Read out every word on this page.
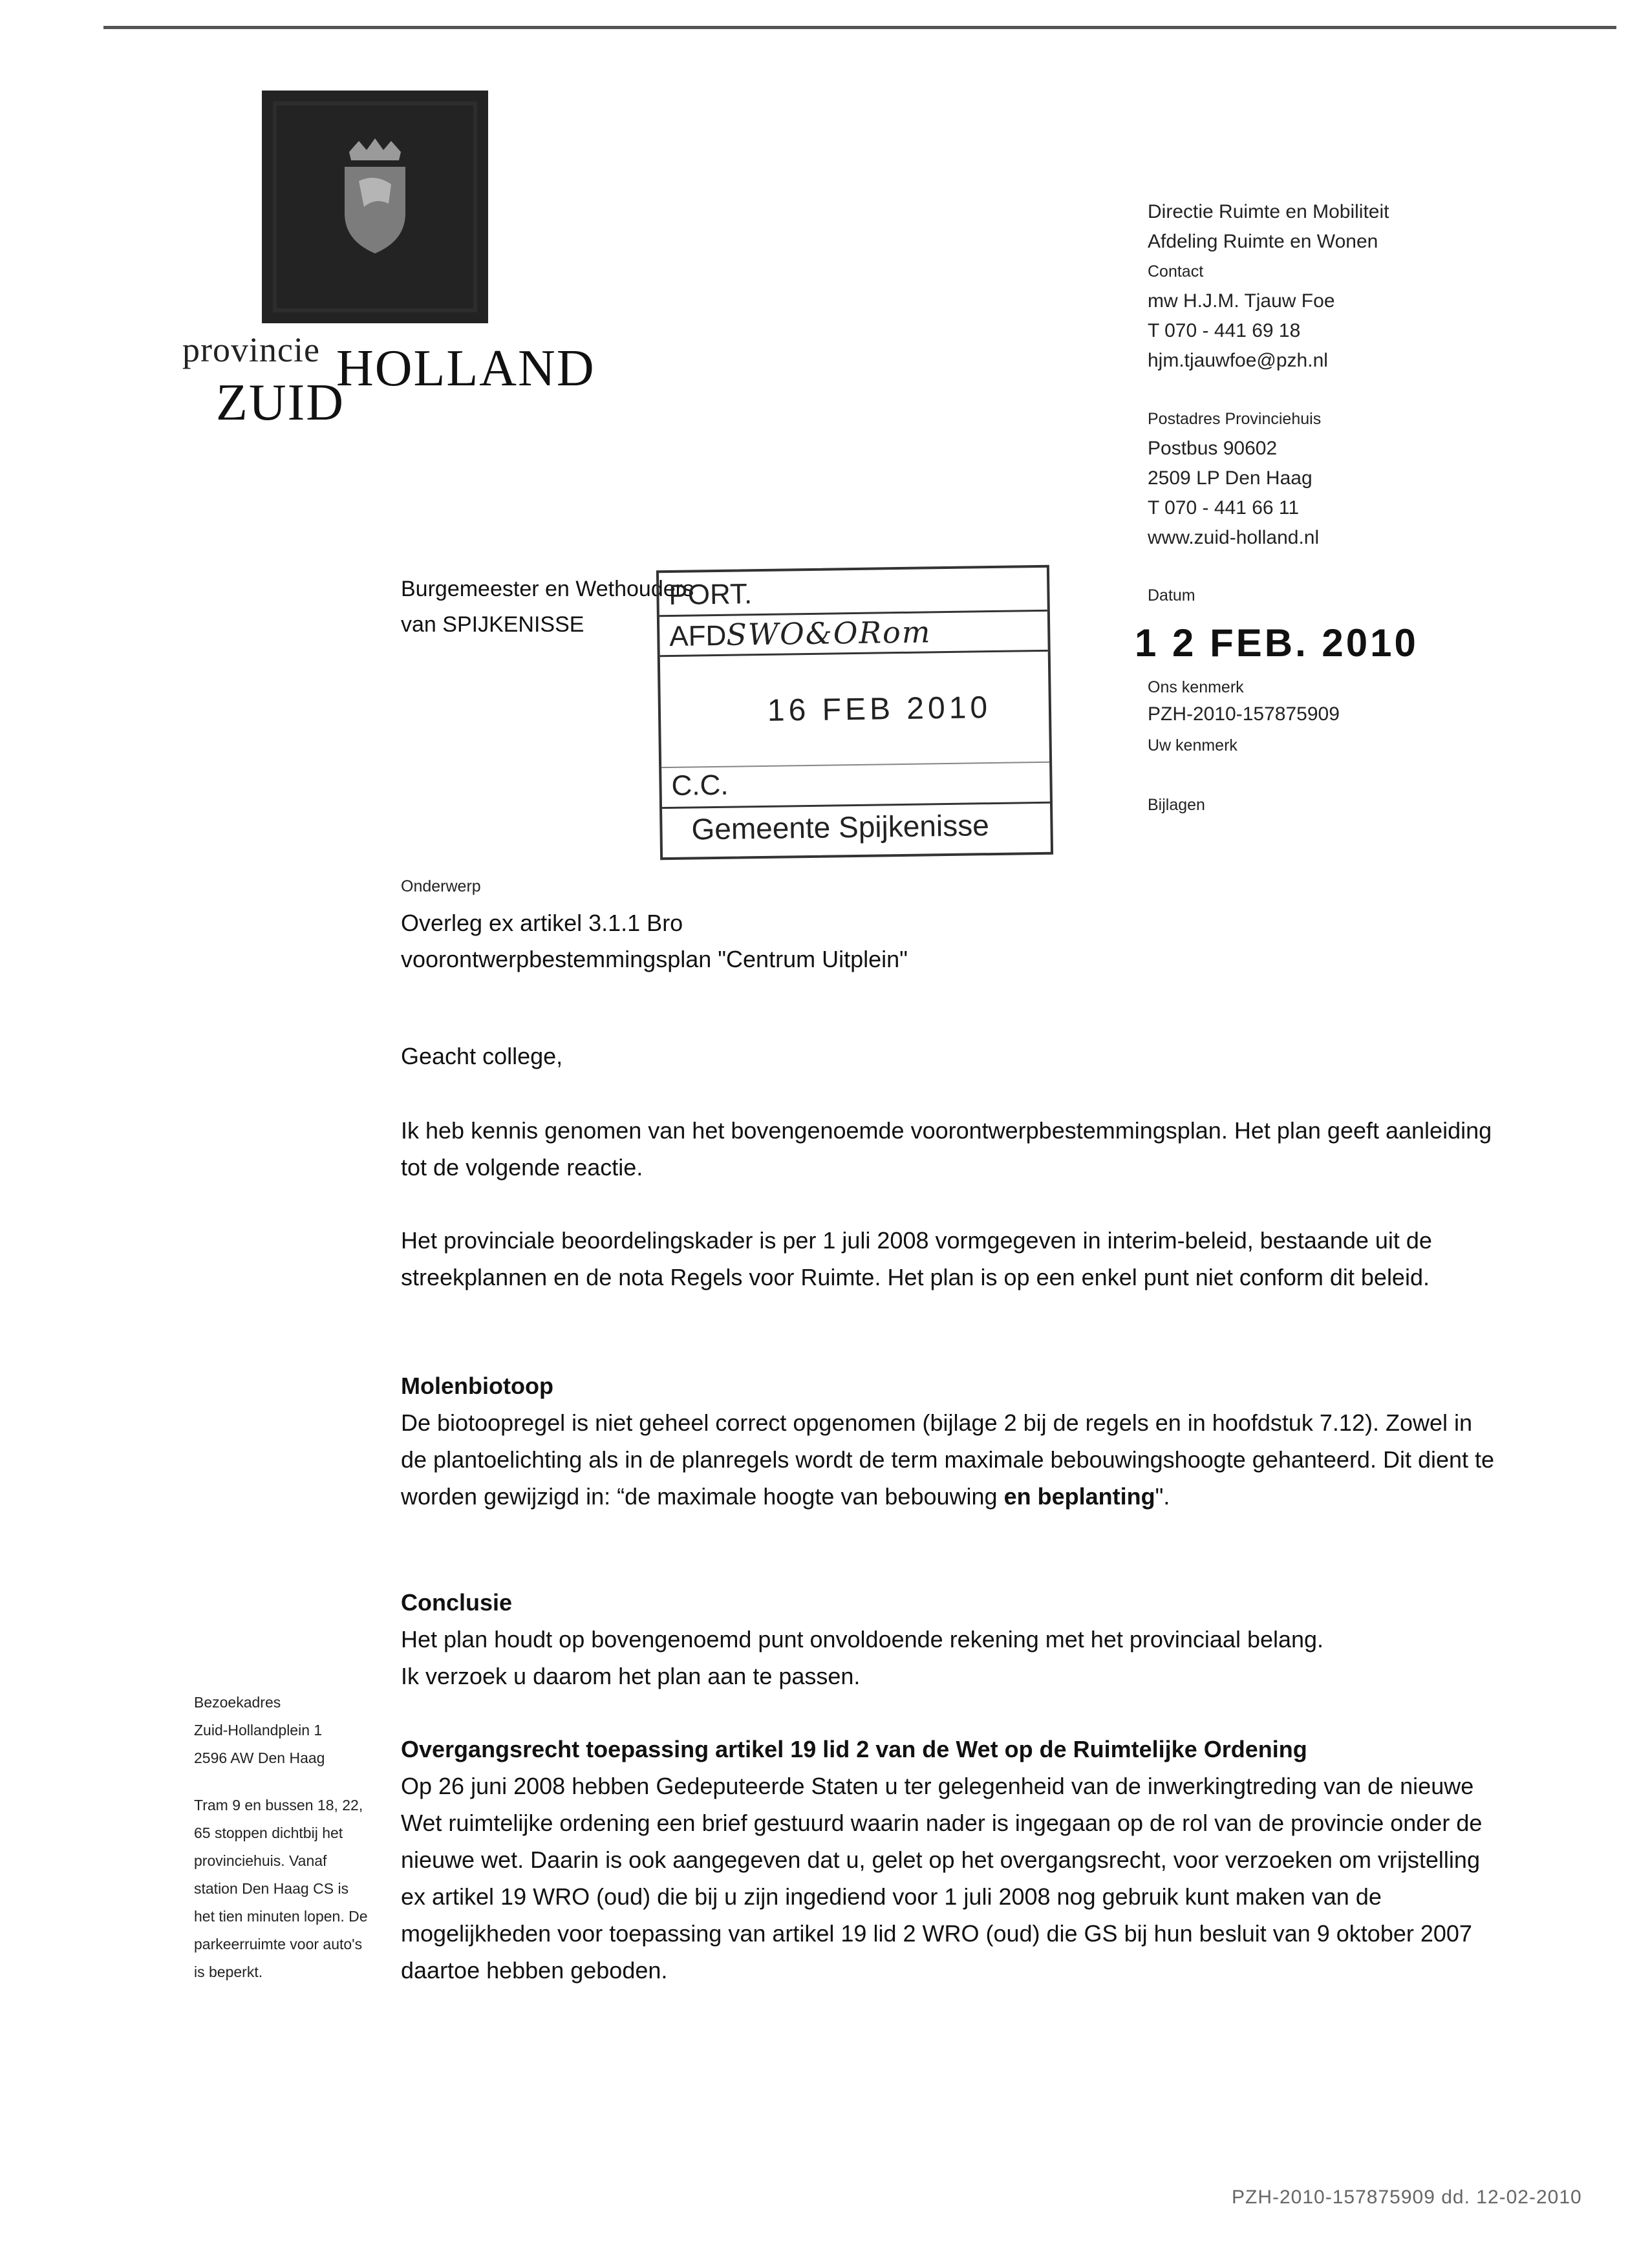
provincie HOLLAND
ZUID
Directie Ruimte en Mobiliteit
Afdeling Ruimte en Wonen
Contact
mw H.J.M. Tjauw Foe
T 070 - 441 69 18
hjm.tjauwfoe@pzh.nl
Postadres Provinciehuis
Postbus 90602
2509 LP Den Haag
T 070 - 441 66 11
www.zuid-holland.nl
Datum
1 2 FEB. 2010
Ons kenmerk
PZH-2010-157875909
Uw kenmerk
Bijlagen
Burgemeester en Wethouders
van SPIJKENISSE
PORT.
AFDSWO&ORom
16 FEB 2010
C.C.
Gemeente Spijkenisse
Onderwerp
Overleg ex artikel 3.1.1 Bro
voorontwerpbestemmingsplan "Centrum Uitplein"
Geacht college,

Ik heb kennis genomen van het bovengenoemde voorontwerpbestemmingsplan. Het plan geeft aanleiding tot de volgende reactie.

Het provinciale beoordelingskader is per 1 juli 2008 vormgegeven in interim-beleid, bestaande uit de streekplannen en de nota Regels voor Ruimte. Het plan is op een enkel punt niet conform dit beleid.

Molenbiotoop

De biotoopregel is niet geheel correct opgenomen (bijlage 2 bij de regels en in hoofdstuk 7.12). Zowel in de plantoelichting als in de planregels wordt de term maximale bebouwingshoogte gehanteerd. Dit dient te worden gewijzigd in: “de maximale hoogte van bebouwing en beplanting".

Conclusie
Het plan houdt op bovengenoemd punt onvoldoende rekening met het provinciaal belang.
Ik verzoek u daarom het plan aan te passen.
Overgangsrecht toepassing artikel 19 lid 2 van de Wet op de Ruimtelijke Ordening

Op 26 juni 2008 hebben Gedeputeerde Staten u ter gelegenheid van de inwerkingtreding van de nieuwe Wet ruimtelijke ordening een brief gestuurd waarin nader is ingegaan op de rol van de provincie onder de nieuwe wet. Daarin is ook aangegeven dat u, gelet op het overgangsrecht, voor verzoeken om vrijstelling ex artikel 19 WRO (oud) die bij u zijn ingediend voor 1 juli 2008 nog gebruik kunt maken van de mogelijkheden voor toepassing van artikel 19 lid 2 WRO (oud) die GS bij hun besluit van 9 oktober 2007 daartoe hebben geboden.

Bezoekadres
Zuid-Hollandplein 1
2596 AW Den Haag
Tram 9 en bussen 18, 22, 65 stoppen dichtbij het provinciehuis. Vanaf station Den Haag CS is het tien minuten lopen. De parkeerruimte voor auto's is beperkt.
PZH-2010-157875909 dd. 12-02-2010
